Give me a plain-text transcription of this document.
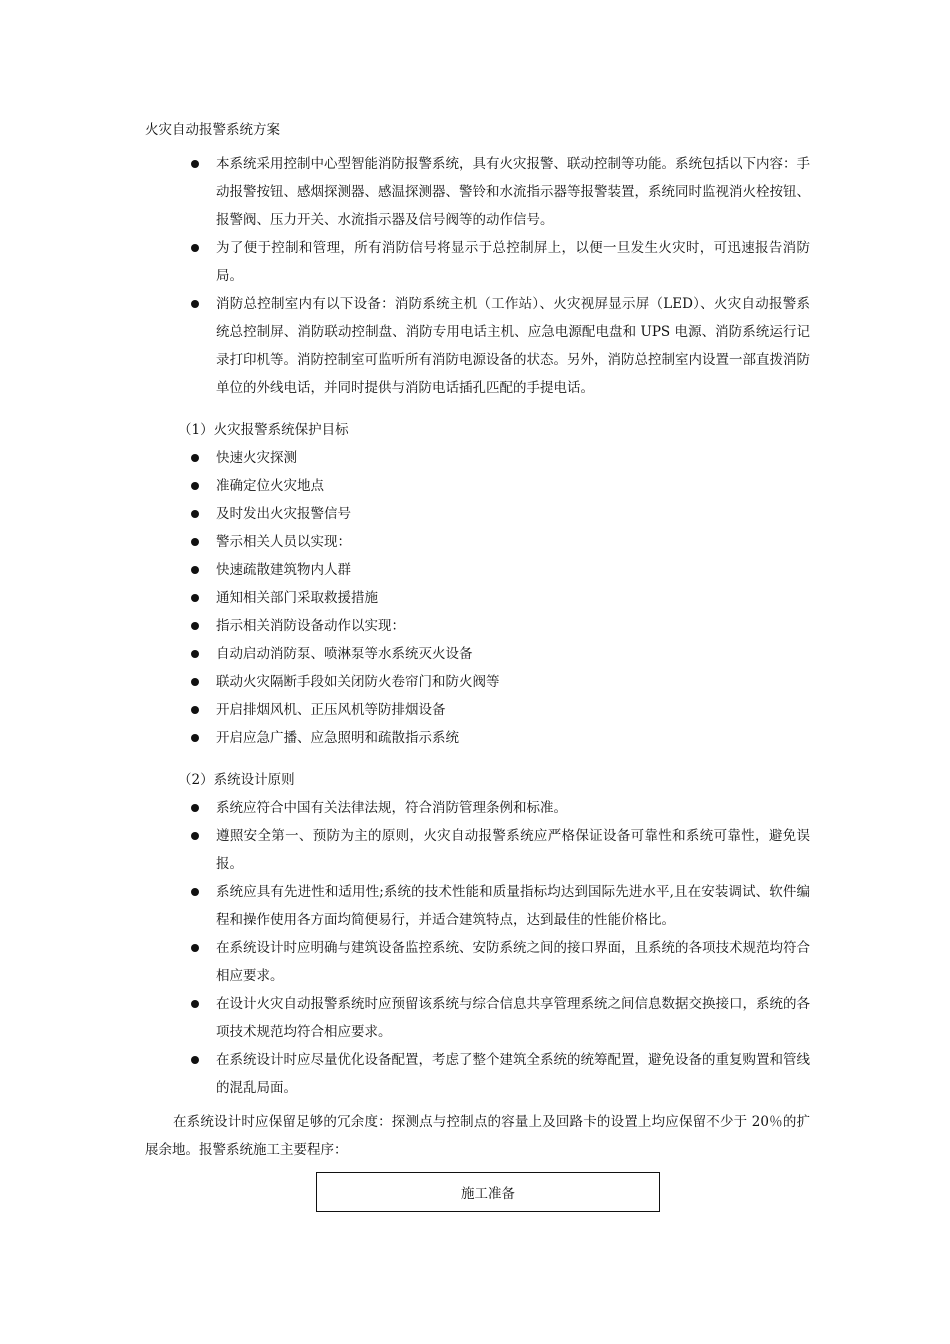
火灾自动报警系统方案
本系统采用控制中心型智能消防报警系统，具有火灾报警、联动控制等功能。系统包括以下内容：手动报警按钮、感烟探测器、感温探测器、警铃和水流指示器等报警装置，系统同时监视消火栓按钮、报警阀、压力开关、水流指示器及信号阀等的动作信号。
为了便于控制和管理，所有消防信号将显示于总控制屏上，以便一旦发生火灾时，可迅速报告消防局。
消防总控制室内有以下设备：消防系统主机（工作站）、火灾视屏显示屏（LED）、火灾自动报警系统总控制屏、消防联动控制盘、消防专用电话主机、应急电源配电盘和 UPS 电源、消防系统运行记录打印机等。消防控制室可监听所有消防电源设备的状态。另外，消防总控制室内设置一部直拨消防单位的外线电话，并同时提供与消防电话插孔匹配的手提电话。
（1）火灾报警系统保护目标
快速火灾探测
准确定位火灾地点
及时发出火灾报警信号
警示相关人员以实现：
快速疏散建筑物内人群
通知相关部门采取救援措施
指示相关消防设备动作以实现：
自动启动消防泵、喷淋泵等水系统灭火设备
联动火灾隔断手段如关闭防火卷帘门和防火阀等
开启排烟风机、正压风机等防排烟设备
开启应急广播、应急照明和疏散指示系统
（2）系统设计原则
系统应符合中国有关法律法规，符合消防管理条例和标准。
遵照安全第一、预防为主的原则，火灾自动报警系统应严格保证设备可靠性和系统可靠性，避免误报。
系统应具有先进性和适用性;系统的技术性能和质量指标均达到国际先进水平,且在安装调试、软件编程和操作使用各方面均简便易行，并适合建筑特点，达到最佳的性能价格比。
在系统设计时应明确与建筑设备监控系统、安防系统之间的接口界面，且系统的各项技术规范均符合相应要求。
在设计火灾自动报警系统时应预留该系统与综合信息共享管理系统之间信息数据交换接口，系统的各项技术规范均符合相应要求。
在系统设计时应尽量优化设备配置，考虑了整个建筑全系统的统筹配置，避免设备的重复购置和管线的混乱局面。
在系统设计时应保留足够的冗余度：探测点与控制点的容量上及回路卡的设置上均应保留不少于 20％的扩展余地。报警系统施工主要程序：
施工准备
